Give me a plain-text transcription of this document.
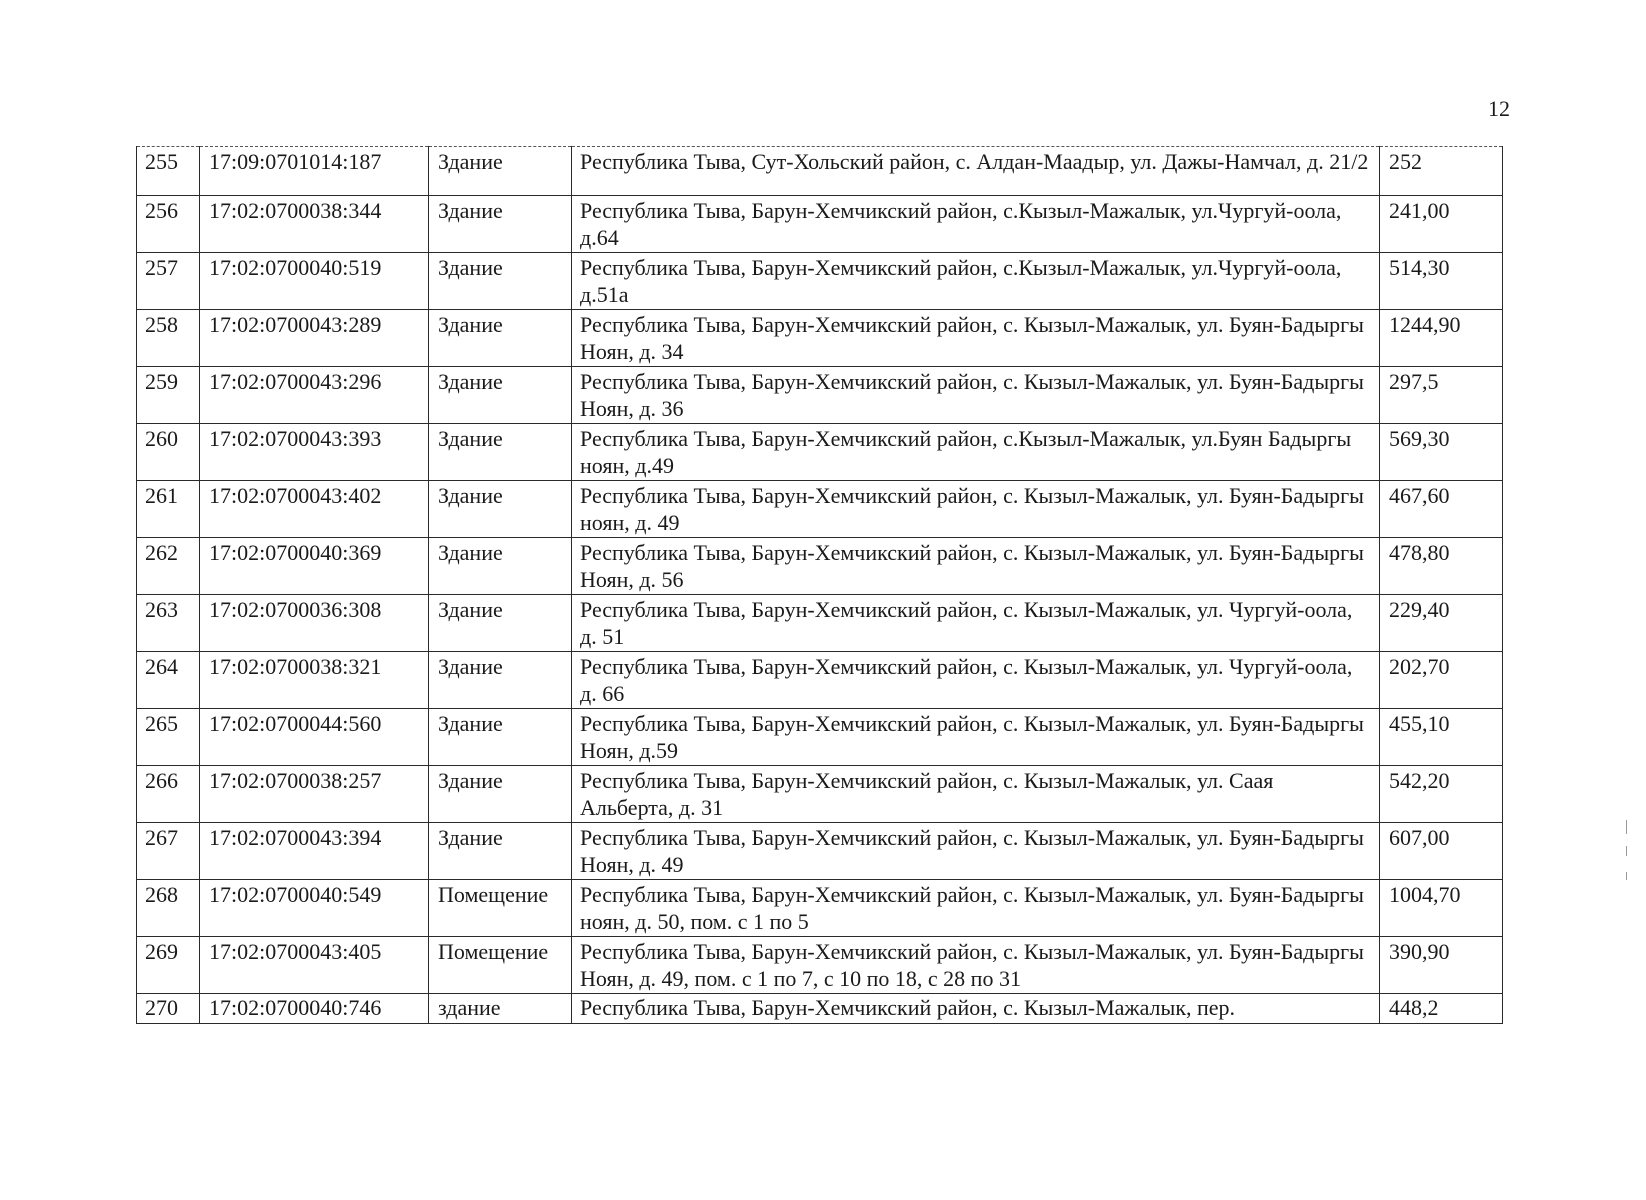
12
255	17:09:0701014:187	Здание	Республика Тыва, Сут-Хольский район, с. Алдан-Маадыр, ул. Дажы-Намчал, д. 21/2	252
256	17:02:0700038:344	Здание	Республика Тыва, Барун-Хемчикский район, с.Кызыл-Мажалык, ул.Чургуй-оола, д.64	241,00
257	17:02:0700040:519	Здание	Республика Тыва, Барун-Хемчикский район, с.Кызыл-Мажалык, ул.Чургуй-оола, д.51а	514,30
258	17:02:0700043:289	Здание	Республика Тыва, Барун-Хемчикский район, с. Кызыл-Мажалык, ул. Буян-Бадыргы Ноян, д. 34	1244,90
259	17:02:0700043:296	Здание	Республика Тыва, Барун-Хемчикский район, с. Кызыл-Мажалык, ул. Буян-Бадыргы Ноян, д. 36	297,5
260	17:02:0700043:393	Здание	Республика Тыва, Барун-Хемчикский район, с.Кызыл-Мажалык, ул.Буян Бадыргы ноян, д.49	569,30
261	17:02:0700043:402	Здание	Республика Тыва, Барун-Хемчикский район, с. Кызыл-Мажалык, ул. Буян-Бадыргы ноян, д. 49	467,60
262	17:02:0700040:369	Здание	Республика Тыва, Барун-Хемчикский район, с. Кызыл-Мажалык, ул. Буян-Бадыргы Ноян, д. 56	478,80
263	17:02:0700036:308	Здание	Республика Тыва, Барун-Хемчикский район, с. Кызыл-Мажалык, ул. Чургуй-оола, д. 51	229,40
264	17:02:0700038:321	Здание	Республика Тыва, Барун-Хемчикский район, с. Кызыл-Мажалык, ул. Чургуй-оола, д. 66	202,70
265	17:02:0700044:560	Здание	Республика Тыва, Барун-Хемчикский район, с. Кызыл-Мажалык, ул. Буян-Бадыргы Ноян, д.59	455,10
266	17:02:0700038:257	Здание	Республика Тыва, Барун-Хемчикский район, с. Кызыл-Мажалык, ул. Саая Альберта, д. 31	542,20
267	17:02:0700043:394	Здание	Республика Тыва, Барун-Хемчикский район, с. Кызыл-Мажалык, ул. Буян-Бадыргы Ноян, д. 49	607,00
268	17:02:0700040:549	Помещение	Республика Тыва, Барун-Хемчикский район, с. Кызыл-Мажалык, ул. Буян-Бадыргы ноян, д. 50, пом. с 1 по 5	1004,70
269	17:02:0700043:405	Помещение	Республика Тыва, Барун-Хемчикский район, с. Кызыл-Мажалык, ул. Буян-Бадыргы Ноян, д. 49, пом. с 1 по 7, с 10 по 18, с 28 по 31	390,90
270	17:02:0700040:746	здание	Республика Тыва, Барун-Хемчикский район, с. Кызыл-Мажалык, пер.	448,2
